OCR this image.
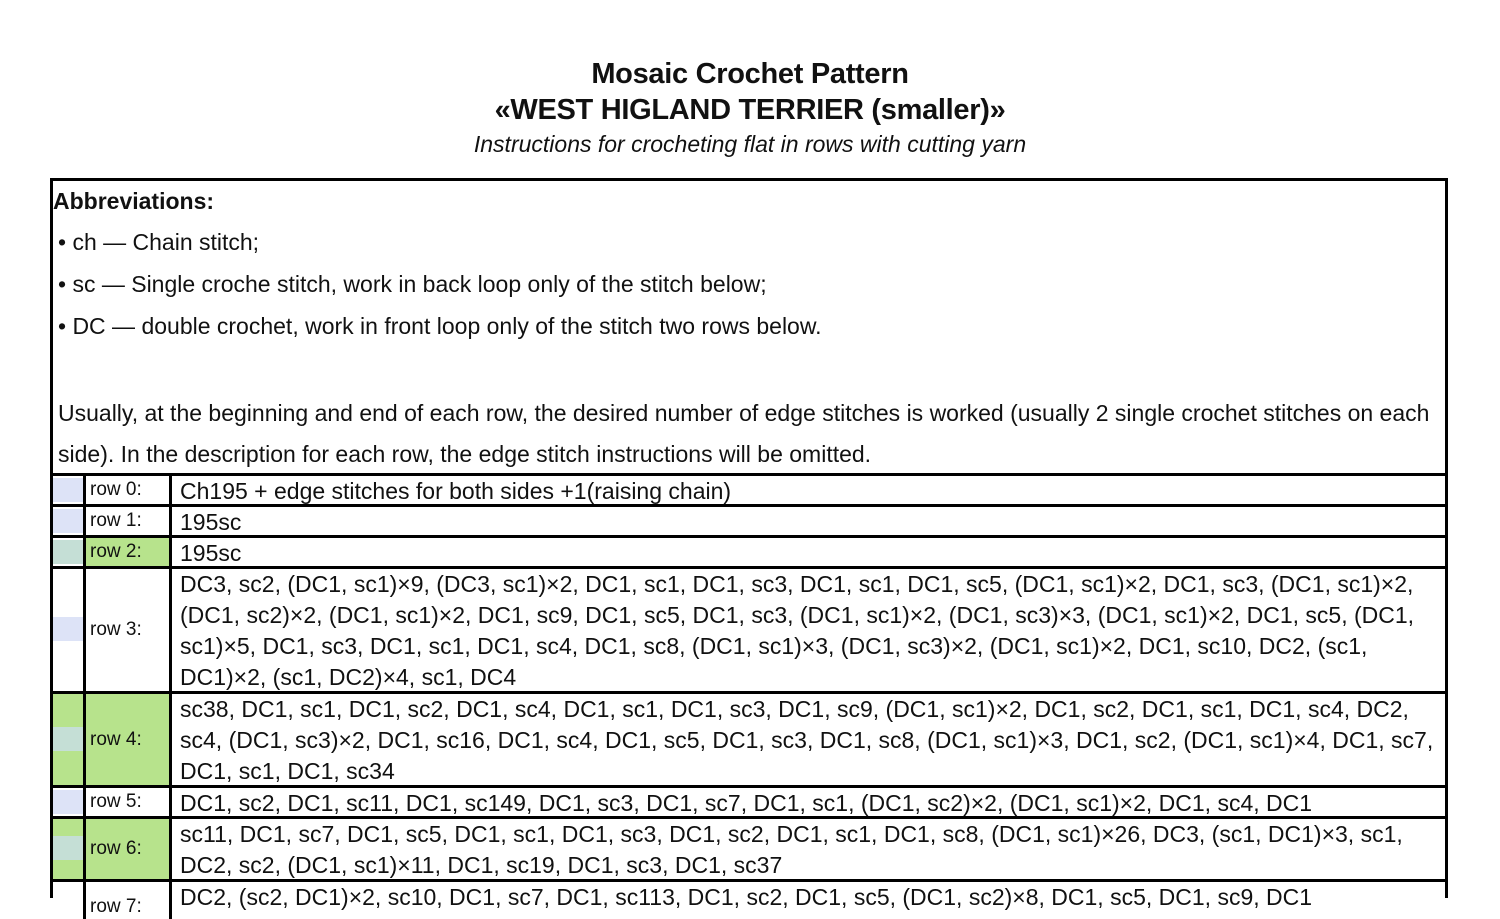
Mosaic Crochet Pattern
«WEST HIGLAND TERRIER (smaller)»
Instructions for crocheting flat in rows with cutting yarn
Abbreviations:
• ch — Chain stitch;
• sc — Single croche stitch, work in back loop only of the stitch below;
• DC — double crochet, work in front loop only of the stitch two rows below.
Usually, at the beginning and end of each row, the desired number of edge stitches is worked (usually 2 single crochet stitches on each side). In the description for each row, the edge stitch instructions will be omitted.
row 0:	Ch195 + edge stitches for both sides +1(raising chain)
row 1:	195sc
row 2:	195sc
row 3:
DC3, sc2, (DC1, sc1)×9, (DC3, sc1)×2, DC1, sc1, DC1, sc3, DC1, sc1, DC1, sc5, (DC1, sc1)×2, DC1, sc3, (DC1, sc1)×2, (DC1, sc2)×2, (DC1, sc1)×2, DC1, sc9, DC1, sc5, DC1, sc3, (DC1, sc1)×2, (DC1, sc3)×3, (DC1, sc1)×2, DC1, sc5, (DC1, sc1)×5, DC1, sc3, DC1, sc1, DC1, sc4, DC1, sc8, (DC1, sc1)×3, (DC1, sc3)×2, (DC1, sc1)×2, DC1, sc10, DC2, (sc1, DC1)×2, (sc1, DC2)×4, sc1, DC4
row 4:
sc38, DC1, sc1, DC1, sc2, DC1, sc4, DC1, sc1, DC1, sc3, DC1, sc9, (DC1, sc1)×2, DC1, sc2, DC1, sc1, DC1, sc4, DC2, sc4, (DC1, sc3)×2, DC1, sc16, DC1, sc4, DC1, sc5, DC1, sc3, DC1, sc8, (DC1, sc1)×3, DC1, sc2, (DC1, sc1)×4, DC1, sc7, DC1, sc1, DC1, sc34
row 5:	DC1, sc2, DC1, sc11, DC1, sc149, DC1, sc3, DC1, sc7, DC1, sc1, (DC1, sc2)×2, (DC1, sc1)×2, DC1, sc4, DC1
row 6:
sc11, DC1, sc7, DC1, sc5, DC1, sc1, DC1, sc3, DC1, sc2, DC1, sc1, DC1, sc8, (DC1, sc1)×26, DC3, (sc1, DC1)×3, sc1, DC2, sc2, (DC1, sc1)×11, DC1, sc19, DC1, sc3, DC1, sc37
row 7:	DC2, (sc2, DC1)×2, sc10, DC1, sc7, DC1, sc113, DC1, sc2, DC1, sc5, (DC1, sc2)×8, DC1, sc5, DC1, sc9, DC1
